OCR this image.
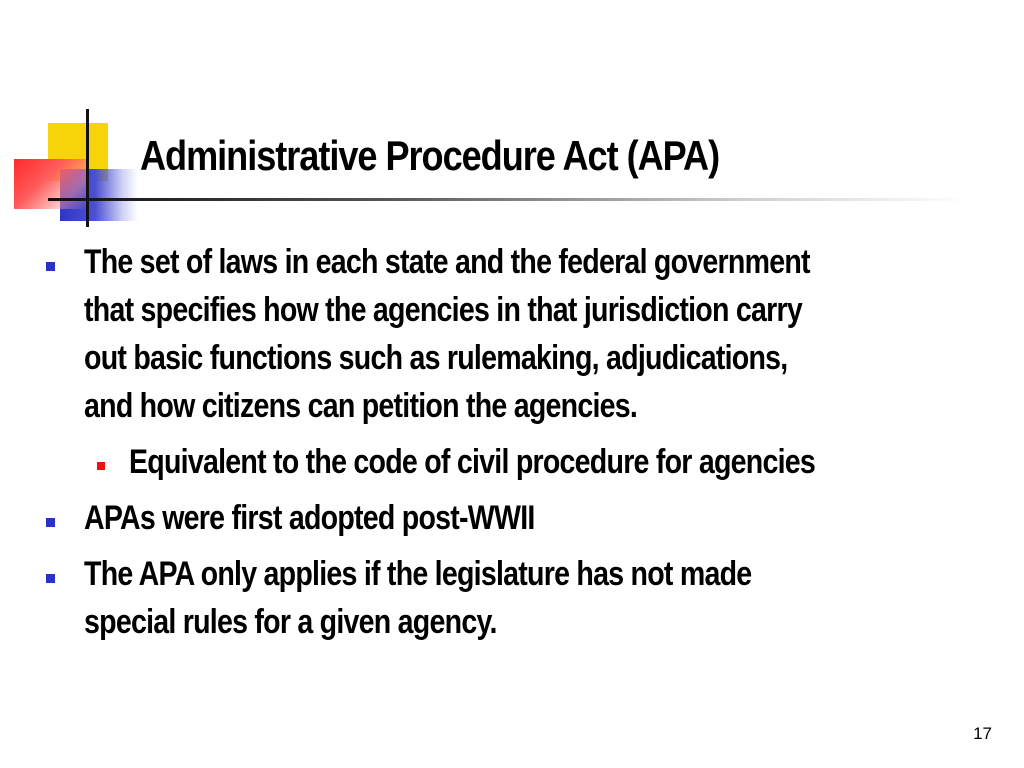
Administrative Procedure Act (APA)
The set of laws in each state and the federal government
that specifies how the agencies in that jurisdiction carry
out basic functions such as rulemaking, adjudications,
and how citizens can petition the agencies.
Equivalent to the code of civil procedure for agencies
APAs were first adopted post-WWII
The APA only applies if the legislature has not made
special rules for a given agency.
17
